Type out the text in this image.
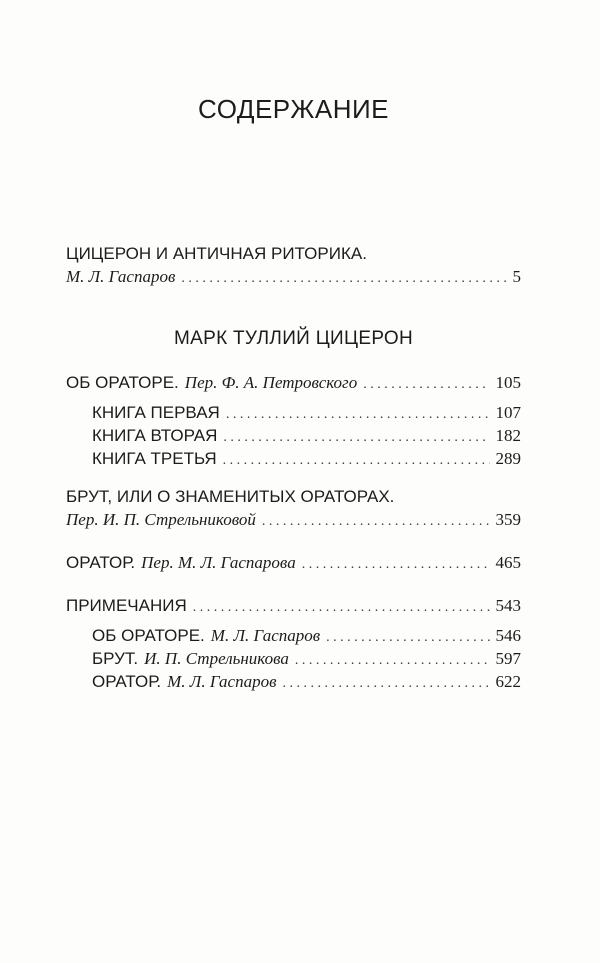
СОДЕРЖАНИЕ
ЦИЦЕРОН И АНТИЧНАЯ РИТОРИКА.
М. Л. Гаспаров . . .	5
МАРК ТУЛЛИЙ ЦИЦЕРОН
ОБ ОРАТОРЕ. Пер. Ф. А. Петровского . . .	105
КНИГА ПЕРВАЯ . . .	107
КНИГА ВТОРАЯ . . .	182
КНИГА ТРЕТЬЯ . . .	289
БРУТ, ИЛИ О ЗНАМЕНИТЫХ ОРАТОРАХ.
Пер. И. П. Стрельниковой . . .	359
ОРАТОР. Пер. М. Л. Гаспарова . . .	465
ПРИМЕЧАНИЯ . . .	543
ОБ ОРАТОРЕ. М. Л. Гаспаров . . .	546
БРУТ. И. П. Стрельникова . . .	597
ОРАТОР. М. Л. Гаспаров . . .	622
